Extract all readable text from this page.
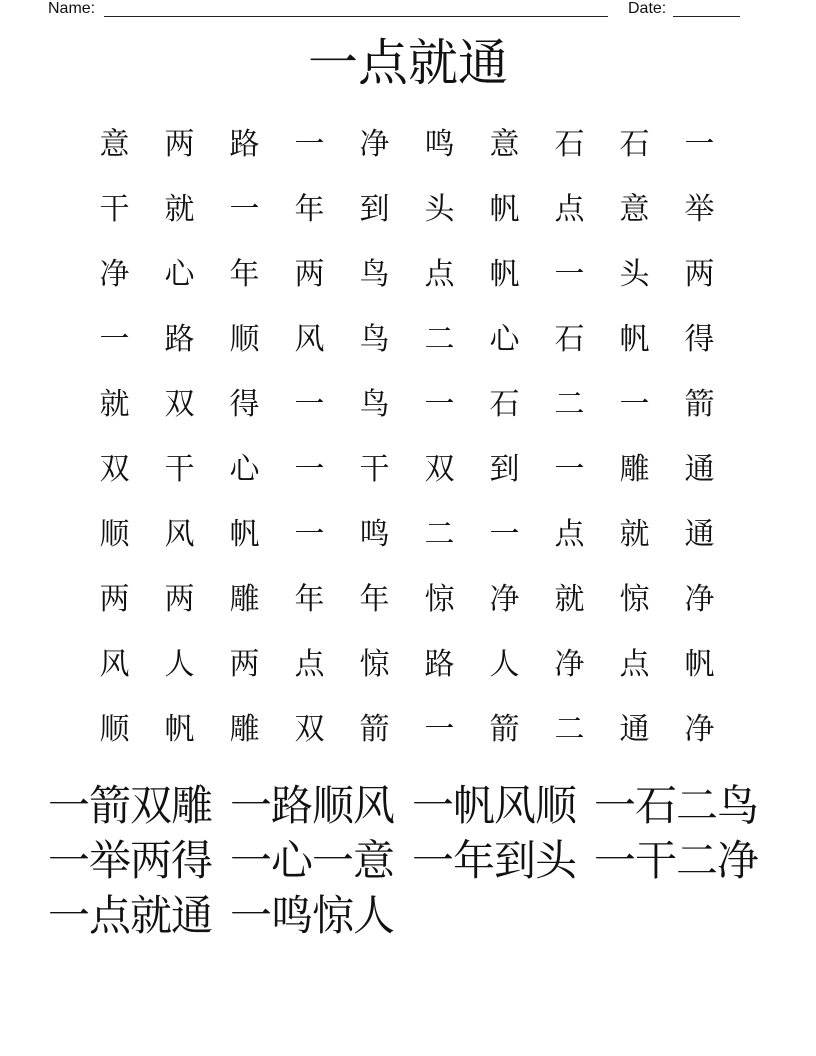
Name:	Date:
一点就通
意	两	路	一	净	鸣	意	石	石	一
干	就	一	年	到	头	帆	点	意	举
净	心	年	两	鸟	点	帆	一	头	两
一	路	顺	风	鸟	二	心	石	帆	得
就	双	得	一	鸟	一	石	二	一	箭
双	干	心	一	干	双	到	一	雕	通
顺	风	帆	一	鸣	二	一	点	就	通
两	两	雕	年	年	惊	净	就	惊	净
风	人	两	点	惊	路	人	净	点	帆
顺	帆	雕	双	箭	一	箭	二	通	净
一箭双雕 一路顺风 一帆风顺 一石二鸟
一举两得 一心一意 一年到头 一干二净
一点就通 一鸣惊人
